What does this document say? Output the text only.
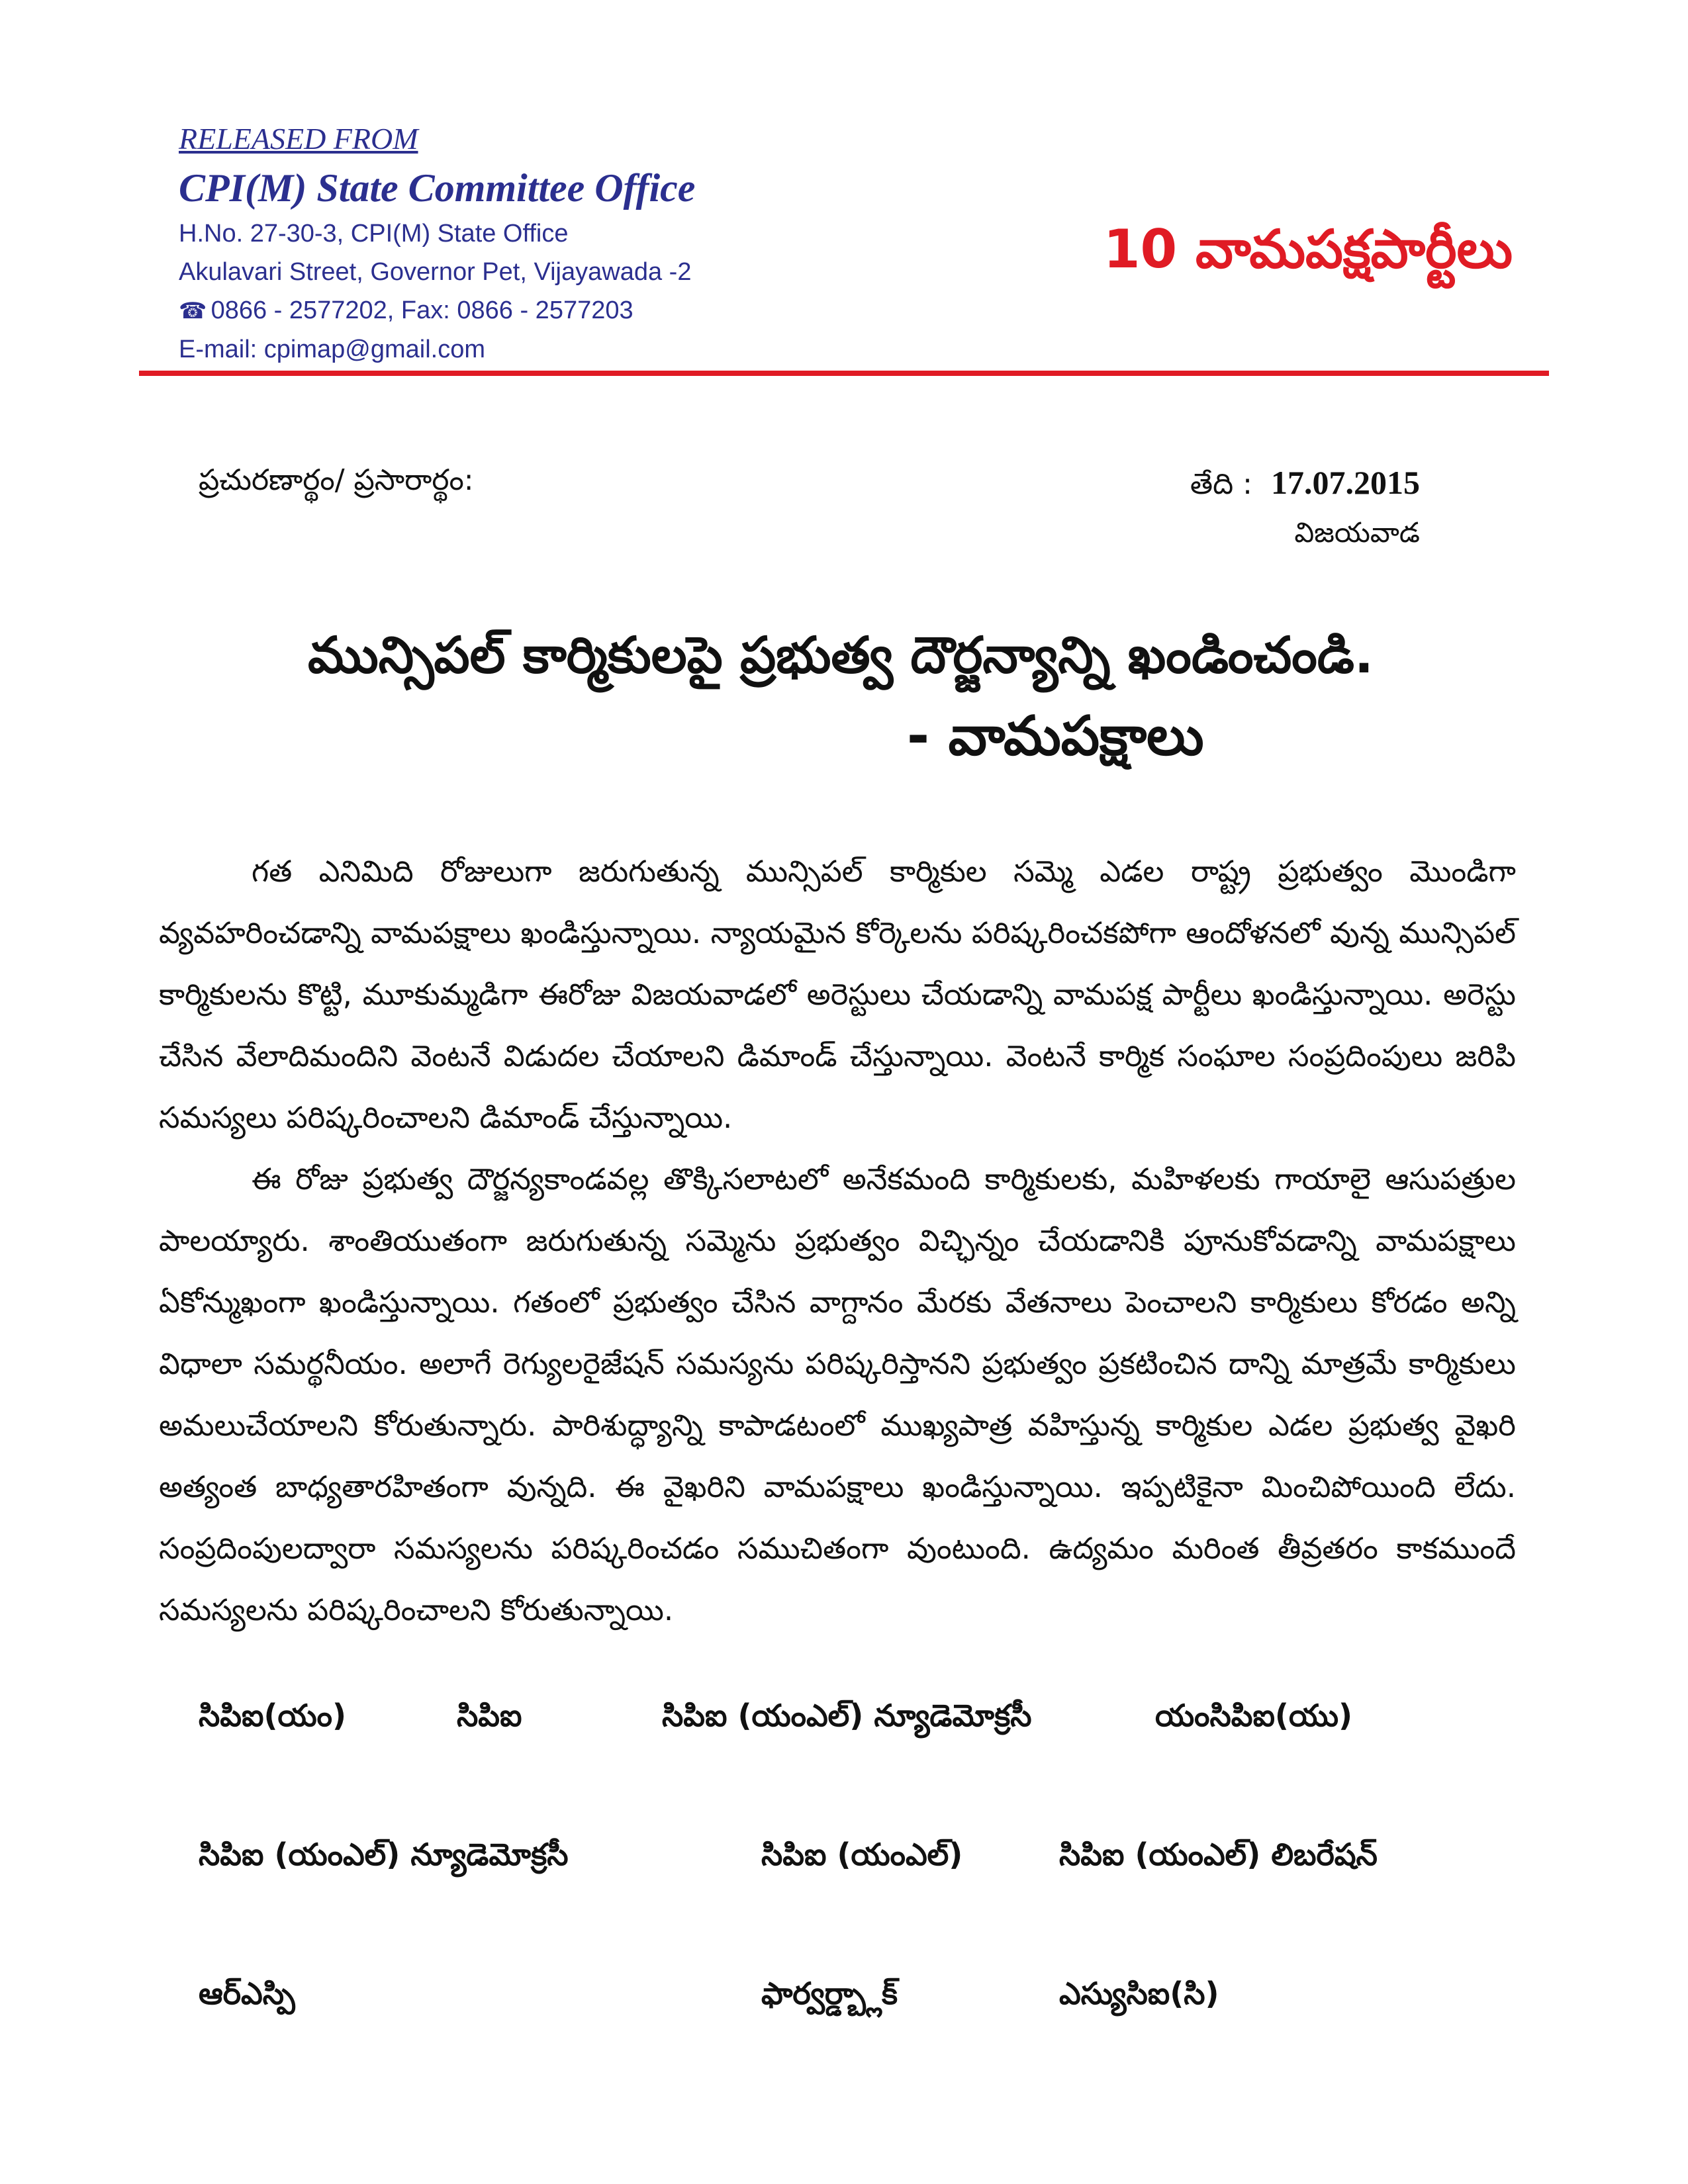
RELEASED FROM
CPI(M) State Committee Office
H.No. 27-30-3, CPI(M) State Office
Akulavari Street, Governor Pet, Vijayawada -2
☎ 0866 - 2577202, Fax: 0866 - 2577203
E-mail: cpimap@gmail.com
10 వామపక్షపార్టీలు
ప్రచురణార్థం/ ప్రసారార్థం:	తేది : 17.07.2015
విజయవాడ
మున్సిపల్ కార్మికులపై ప్రభుత్వ దౌర్జన్యాన్ని ఖండించండి.
- వామపక్షాలు

గత ఎనిమిది రోజులుగా జరుగుతున్న మున్సిపల్ కార్మికుల సమ్మె ఎడల రాష్ట్ర ప్రభుత్వం మొండిగా వ్యవహరించడాన్ని వామపక్షాలు ఖండిస్తున్నాయి. న్యాయమైన కోర్కెలను పరిష్కరించకపోగా ఆందోళనలో వున్న మున్సిపల్ కార్మికులను కొట్టి, మూకుమ్మడిగా ఈరోజు విజయవాడలో అరెస్టులు చేయడాన్ని వామపక్ష పార్టీలు ఖండిస్తున్నాయి. అరెస్టు చేసిన వేలాదిమందిని వెంటనే విడుదల చేయాలని డిమాండ్ చేస్తున్నాయి. వెంటనే కార్మిక సంఘాల సంప్రదింపులు జరిపి సమస్యలు పరిష్కరించాలని డిమాండ్ చేస్తున్నాయి.

ఈ రోజు ప్రభుత్వ దౌర్జన్యకాండవల్ల తొక్కిసలాటలో అనేకమంది కార్మికులకు, మహిళలకు గాయాలై ఆసుపత్రుల పాలయ్యారు. శాంతియుతంగా జరుగుతున్న సమ్మెను ప్రభుత్వం విచ్ఛిన్నం చేయడానికి పూనుకోవడాన్ని వామపక్షాలు ఏకోన్ముఖంగా ఖండిస్తున్నాయి. గతంలో ప్రభుత్వం చేసిన వాగ్దానం మేరకు వేతనాలు పెంచాలని కార్మికులు కోరడం అన్ని విధాలా సమర్థనీయం. అలాగే రెగ్యులరైజేషన్ సమస్యను పరిష్కరిస్తానని ప్రభుత్వం ప్రకటించిన దాన్ని మాత్రమే కార్మికులు అమలుచేయాలని కోరుతున్నారు. పారిశుద్ధ్యాన్ని కాపాడటంలో ముఖ్యపాత్ర వహిస్తున్న కార్మికుల ఎడల ప్రభుత్వ వైఖరి అత్యంత బాధ్యతారహితంగా వున్నది. ఈ వైఖరిని వామపక్షాలు ఖండిస్తున్నాయి. ఇప్పటికైనా మించిపోయింది లేదు. సంప్రదింపులద్వారా సమస్యలను పరిష్కరించడం సముచితంగా వుంటుంది. ఉద్యమం మరింత తీవ్రతరం కాకముందే సమస్యలను పరిష్కరించాలని కోరుతున్నాయి.

సిపిఐ(యం)	సిపిఐ	సిపిఐ (యంఎల్) న్యూడెమోక్రసీ	యంసిపిఐ(యు)
సిపిఐ (యంఎల్) న్యూడెమోక్రసీ	సిపిఐ (యంఎల్)	సిపిఐ (యంఎల్) లిబరేషన్
ఆర్ఎస్పి	ఫార్వర్డ్బ్లాక్	ఎస్యుసిఐ(సి)
